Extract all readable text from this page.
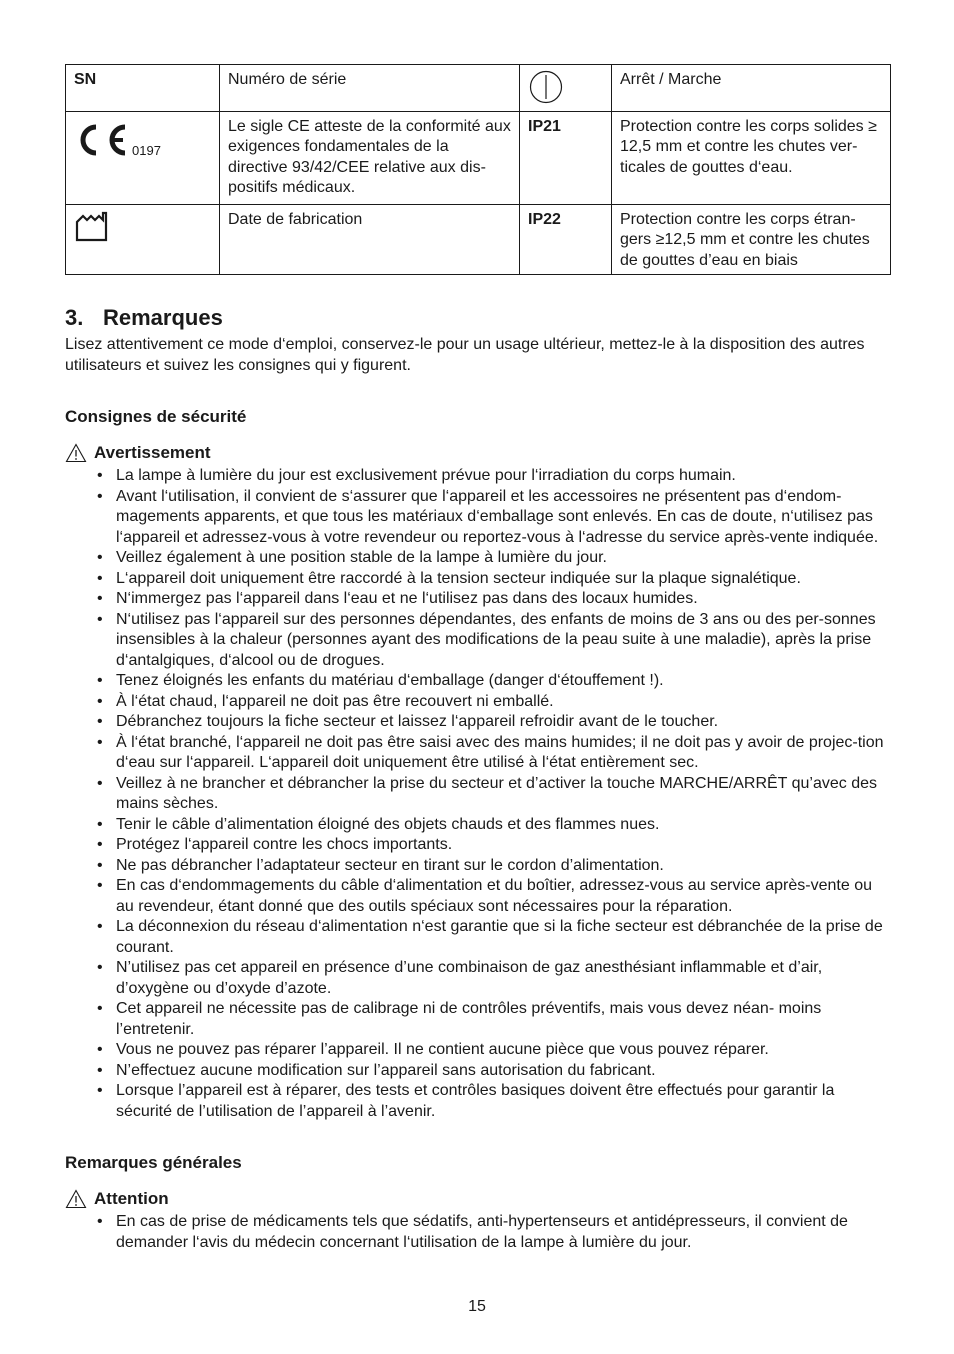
SN	Numéro de série		Arrêt / Marche

0197	Le sigle CE atteste de la conformité aux exigences fondamentales de la directive 93/42/CEE relative aux dis-positifs médicaux.	IP21	Protection contre les corps solides ≥ 12,5 mm et contre les chutes ver-ticales de gouttes d‘eau.
	Date de fabrication	IP22	Protection contre les corps étran-gers ≥12,5 mm et contre les chutes de gouttes d’eau en biais
3. Remarques

Lisez attentivement ce mode d‘emploi, conservez-le pour un usage ultérieur, mettez-le à la disposition des autres utilisateurs et suivez les consignes qui y figurent.

Consignes de sécurité
Avertissement
• La lampe à lumière du jour est exclusivement prévue pour l‘irradiation du corps humain.
• Avant l‘utilisation, il convient de s‘assurer que l‘appareil et les accessoires ne présentent pas d‘endom-magements apparents, et que tous les matériaux d‘emballage sont enlevés. En cas de doute, n‘utilisez pas l‘appareil et adressez-vous à votre revendeur ou reportez-vous à l‘adresse du service après-vente indiquée.
• Veillez également à une position stable de la lampe à lumière du jour.
• L‘appareil doit uniquement être raccordé à la tension secteur indiquée sur la plaque signalétique.
• N‘immergez pas l‘appareil dans l‘eau et ne l‘utilisez pas dans des locaux humides.
• N‘utilisez pas l‘appareil sur des personnes dépendantes, des enfants de moins de 3 ans ou des per-sonnes insensibles à la chaleur (personnes ayant des modifications de la peau suite à une maladie), après la prise d‘antalgiques, d‘alcool ou de drogues.
• Tenez éloignés les enfants du matériau d‘emballage (danger d‘étouffement !).
• À l‘état chaud, l‘appareil ne doit pas être recouvert ni emballé.
• Débranchez toujours la fiche secteur et laissez l‘appareil refroidir avant de le toucher.
• À l‘état branché, l‘appareil ne doit pas être saisi avec des mains humides; il ne doit pas y avoir de projec-tion d‘eau sur l‘appareil. L‘appareil doit uniquement être utilisé à l‘état entièrement sec.
• Veillez à ne brancher et débrancher la prise du secteur et d’activer la touche MARCHE/ARRÊT qu’avec des mains sèches.
• Tenir le câble d’alimentation éloigné des objets chauds et des flammes nues.
• Protégez l‘appareil contre les chocs importants.
• Ne pas débrancher l’adaptateur secteur en tirant sur le cordon d’alimentation.
• En cas d‘endommagements du câble d‘alimentation et du boîtier, adressez-vous au service après-vente ou au revendeur, étant donné que des outils spéciaux sont nécessaires pour la réparation.
• La déconnexion du réseau d‘alimentation n‘est garantie que si la fiche secteur est débranchée de la prise de courant.
• N’utilisez pas cet appareil en présence d’une combinaison de gaz anesthésiant inflammable et d’air, d’oxygène ou d’oxyde d’azote.
• Cet appareil ne nécessite pas de calibrage ni de contrôles préventifs, mais vous devez néan- moins l’entretenir.
• Vous ne pouvez pas réparer l’appareil. Il ne contient aucune pièce que vous pouvez réparer.
• N’effectuez aucune modification sur l’appareil sans autorisation du fabricant.
• Lorsque l’appareil est à réparer, des tests et contrôles basiques doivent être effectués pour garantir la sécurité de l’utilisation de l’appareil à l’avenir.
Remarques générales
Attention
• En cas de prise de médicaments tels que sédatifs, anti-hypertenseurs et antidépresseurs, il convient de demander l‘avis du médecin concernant l‘utilisation de la lampe à lumière du jour.
15
